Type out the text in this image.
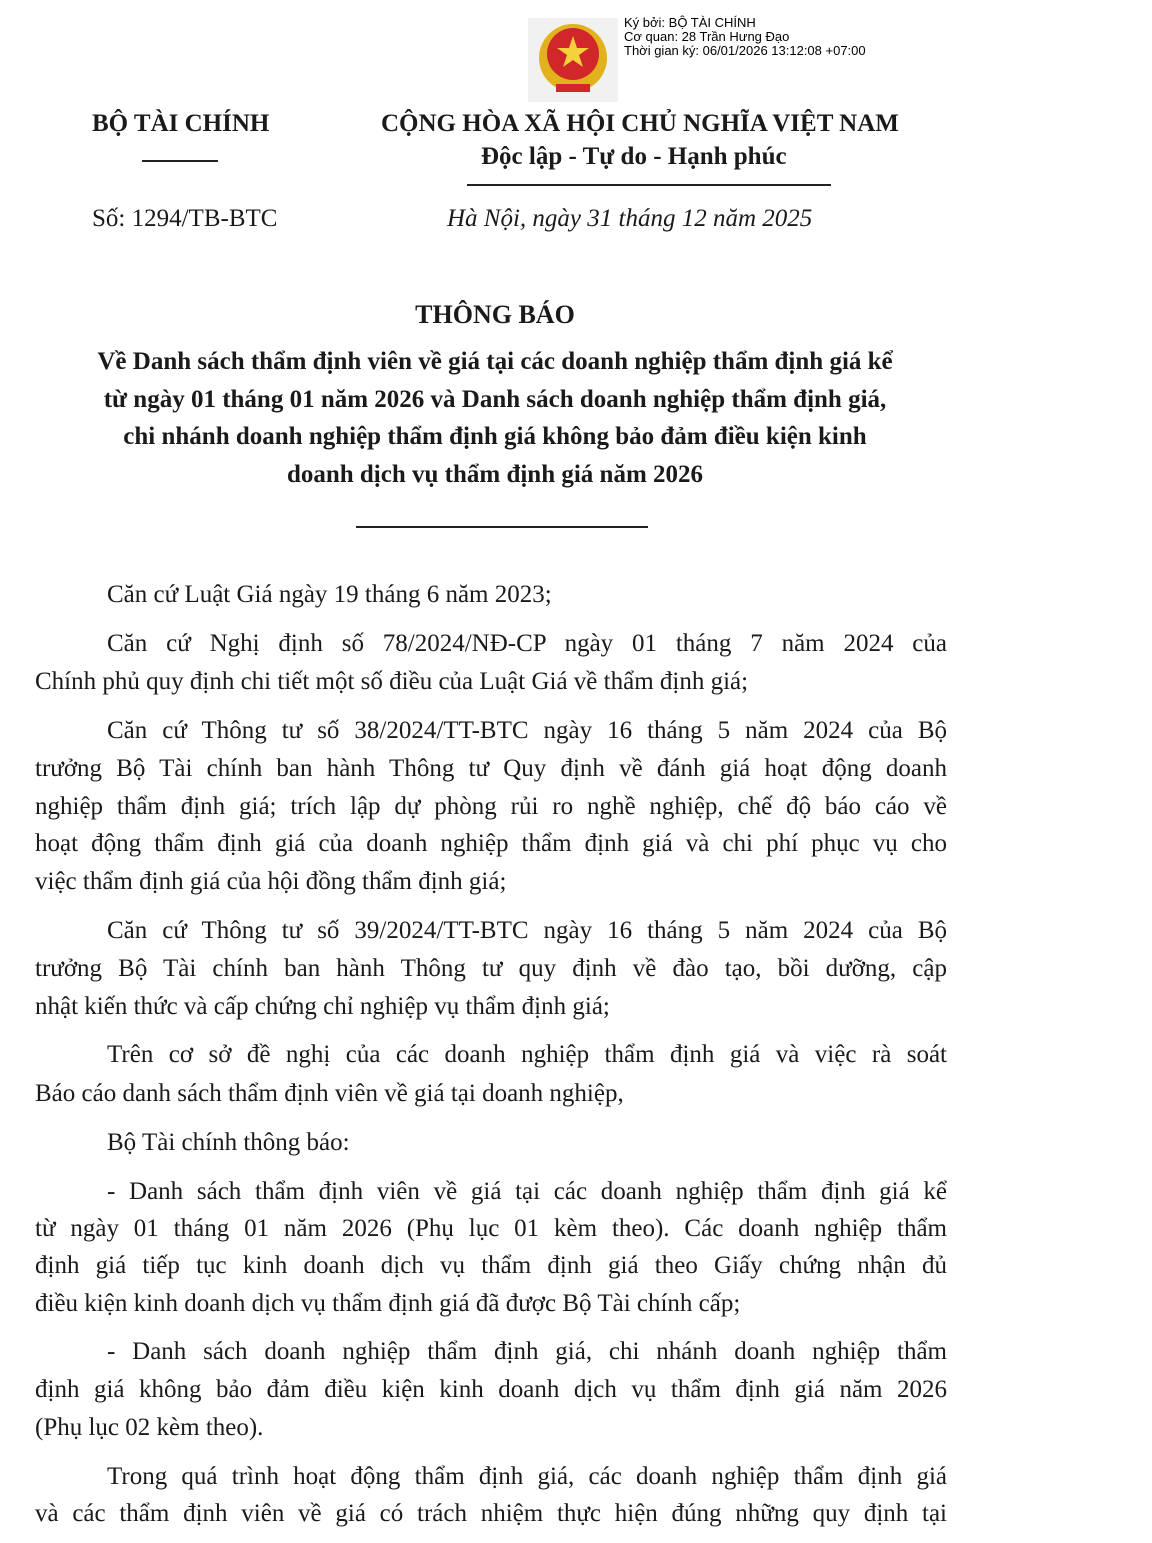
Ký bởi: BỘ TÀI CHÍNH
Cơ quan: 28 Trần Hưng Đạo
Thời gian ký: 06/01/2026 13:12:08 +07:00
BỘ TÀI CHÍNH	CỘNG HÒA XÃ HỘI CHỦ NGHĨA VIỆT NAM
Độc lập - Tự do - Hạnh phúc
Số: 1294/TB-BTC	Hà Nội, ngày 31 tháng 12 năm 2025
THÔNG BÁO
Về Danh sách thẩm định viên về giá tại các doanh nghiệp thẩm định giá kể
từ ngày 01 tháng 01 năm 2026 và Danh sách doanh nghiệp thẩm định giá,
chi nhánh doanh nghiệp thẩm định giá không bảo đảm điều kiện kinh
doanh dịch vụ thẩm định giá năm 2026
Căn cứ Luật Giá ngày 19 tháng 6 năm 2023;
Căn cứ Nghị định số 78/2024/NĐ-CP ngày 01 tháng 7 năm 2024 của
Chính phủ quy định chi tiết một số điều của Luật Giá về thẩm định giá;
Căn cứ Thông tư số 38/2024/TT-BTC ngày 16 tháng 5 năm 2024 của Bộ
trưởng Bộ Tài chính ban hành Thông tư Quy định về đánh giá hoạt động doanh
nghiệp thẩm định giá; trích lập dự phòng rủi ro nghề nghiệp, chế độ báo cáo về
hoạt động thẩm định giá của doanh nghiệp thẩm định giá và chi phí phục vụ cho
việc thẩm định giá của hội đồng thẩm định giá;
Căn cứ Thông tư số 39/2024/TT-BTC ngày 16 tháng 5 năm 2024 của Bộ
trưởng Bộ Tài chính ban hành Thông tư quy định về đào tạo, bồi dưỡng, cập
nhật kiến thức và cấp chứng chỉ nghiệp vụ thẩm định giá;
Trên cơ sở đề nghị của các doanh nghiệp thẩm định giá và việc rà soát
Báo cáo danh sách thẩm định viên về giá tại doanh nghiệp,
Bộ Tài chính thông báo:
- Danh sách thẩm định viên về giá tại các doanh nghiệp thẩm định giá kể
từ ngày 01 tháng 01 năm 2026 (Phụ lục 01 kèm theo). Các doanh nghiệp thẩm
định giá tiếp tục kinh doanh dịch vụ thẩm định giá theo Giấy chứng nhận đủ
điều kiện kinh doanh dịch vụ thẩm định giá đã được Bộ Tài chính cấp;
- Danh sách doanh nghiệp thẩm định giá, chi nhánh doanh nghiệp thẩm
định giá không bảo đảm điều kiện kinh doanh dịch vụ thẩm định giá năm 2026
(Phụ lục 02 kèm theo).
Trong quá trình hoạt động thẩm định giá, các doanh nghiệp thẩm định giá
và các thẩm định viên về giá có trách nhiệm thực hiện đúng những quy định tại
